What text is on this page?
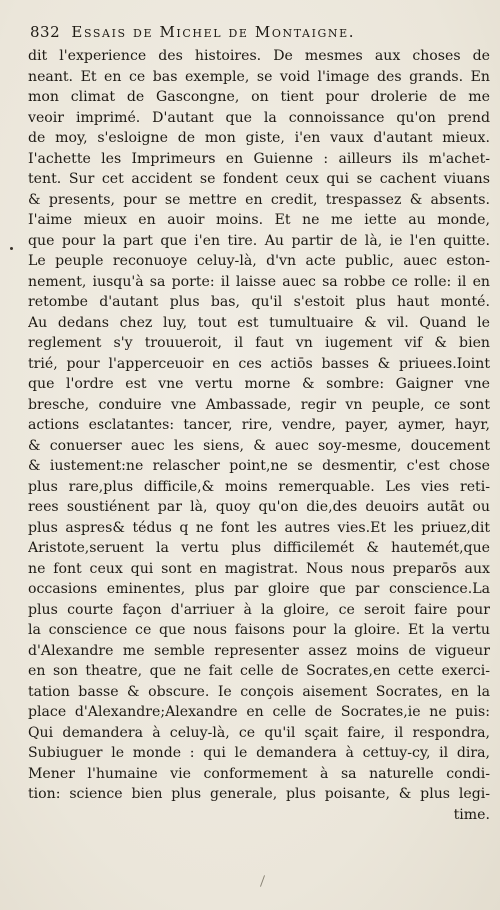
832 Essais de Michel de Montaigne.
dit l'experience des histoires. De mesmes aux choses de
neant. Et en ce bas exemple, se void l'image des grands. En
mon climat de Gascongne, on tient pour drolerie de me
veoir imprimé. D'autant que la connoissance qu'on prend
de moy, s'esloigne de mon giste, i'en vaux d'autant mieux.
I'achette les Imprimeurs en Guienne : ailleurs ils m'achet-
tent. Sur cet accident se fondent ceux qui se cachent viuans
& presents, pour se mettre en credit, trespassez & absents.
I'aime mieux en auoir moins. Et ne me iette au monde,
que pour la part que i'en tire. Au partir de là, ie l'en quitte.
Le peuple reconuoye celuy-là, d'vn acte public, auec eston-
nement, iusqu'à sa porte: il laisse auec sa robbe ce rolle: il en
retombe d'autant plus bas, qu'il s'estoit plus haut monté.
Au dedans chez luy, tout est tumultuaire & vil. Quand le
reglement s'y trouueroit, il faut vn iugement vif & bien
trié, pour l'apperceuoir en ces actiōs basses & priuees.Ioint
que l'ordre est vne vertu morne & sombre: Gaigner vne
bresche, conduire vne Ambassade, regir vn peuple, ce sont
actions esclatantes: tancer, rire, vendre, payer, aymer, hayr,
& conuerser auec les siens, & auec soy-mesme, doucement
& iustement:ne relascher point,ne se desmentir, c'est chose
plus rare,plus difficile,& moins remerquable. Les vies reti-
rees soustiénent par là, quoy qu'on die,des deuoirs autāt ou
plus aspres& tédus q ne font les autres vies.Et les priuez,dit
Aristote,seruent la vertu plus difficilemét & hautemét,que
ne font ceux qui sont en magistrat. Nous nous preparōs aux
occasions eminentes, plus par gloire que par conscience.La
plus courte façon d'arriuer à la gloire, ce seroit faire pour
la conscience ce que nous faisons pour la gloire. Et la vertu
d'Alexandre me semble representer assez moins de vigueur
en son theatre, que ne fait celle de Socrates,en cette exerci-
tation basse & obscure. Ie conçois aisement Socrates, en la
place d'Alexandre;Alexandre en celle de Socrates,ie ne puis:
Qui demandera à celuy-là, ce qu'il sçait faire, il respondra,
Subiuguer le monde : qui le demandera à cettuy-cy, il dira,
Mener l'humaine vie conformement à sa naturelle condi-
tion: science bien plus generale, plus poisante, & plus legi-
time.
